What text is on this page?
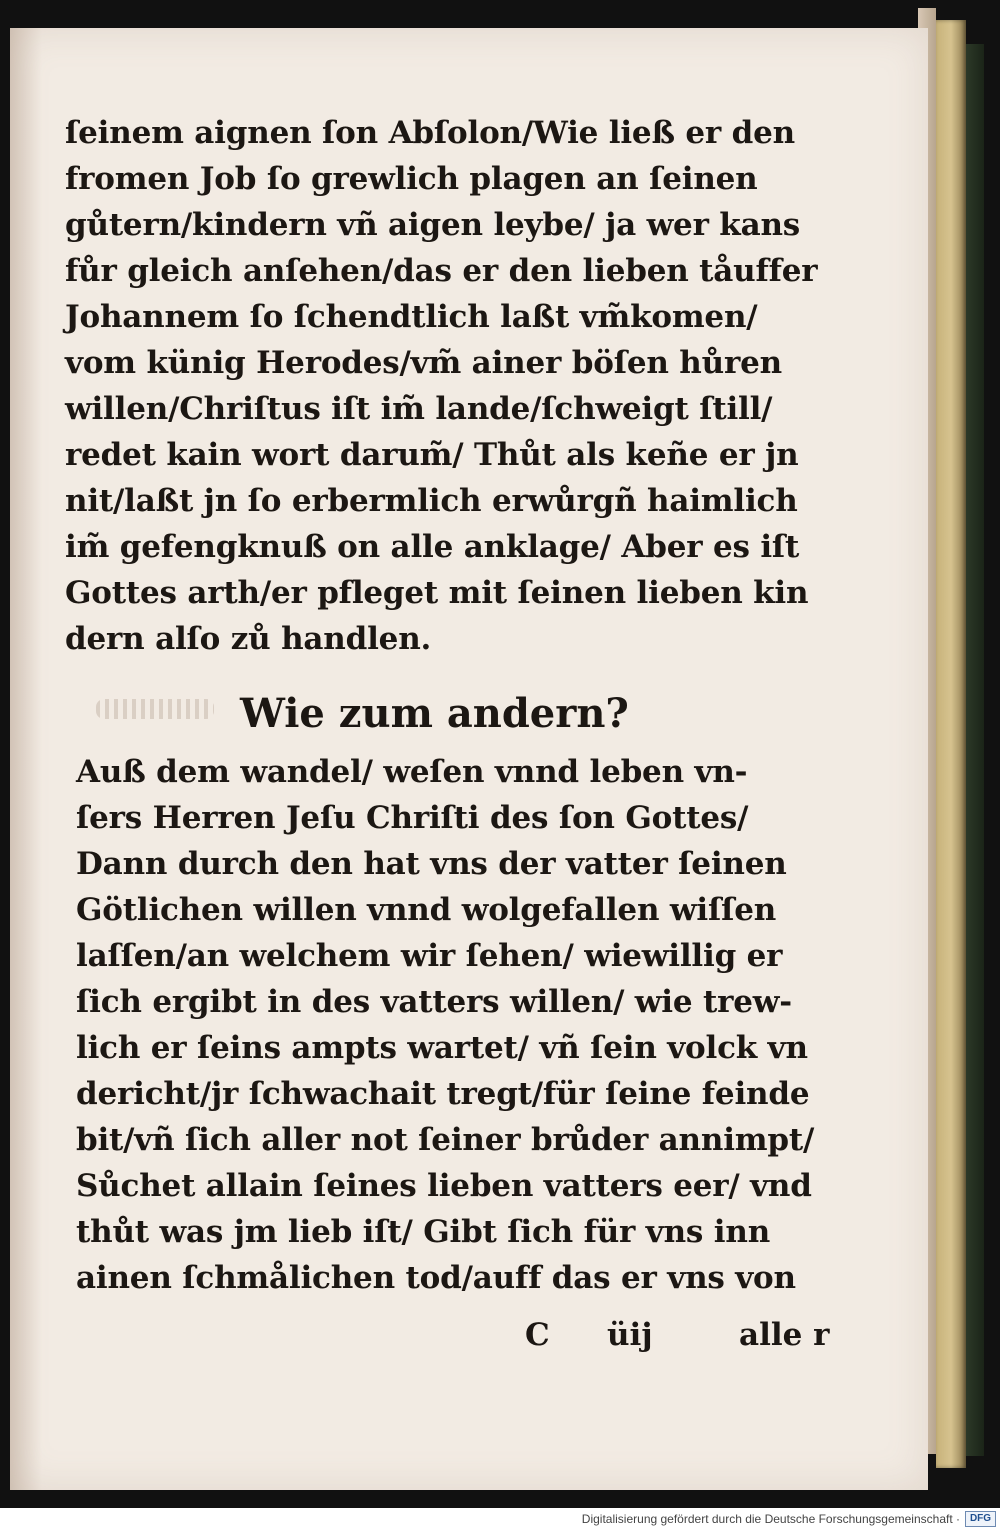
ſeinem aignen ſon Abſolon/Wie ließ er den
fromen Job ſo grewlich plagen an ſeinen
gůtern/kindern vñ aigen leybe/ ja wer kans
fůr gleich anſehen/das er den lieben tåuffer
Johannem ſo ſchendtlich laßt vm̃komen/
vom künig Herodes/vm̃ ainer böſen hůren
willen/Chriſtus iſt im̃ lande/ſchweigt ſtill/
redet kain wort darum̃/ Thůt als keñe er jn
nit/laßt jn ſo erbermlich erwůrgñ haimlich
im̃ gefengknuß on alle anklage/ Aber es iſt
Gottes arth/er pfleget mit ſeinen lieben kin
dern alſo zů handlen.
Wie zum andern?
Auß dem wandel/ weſen vnnd leben vn-
ſers Herren Jeſu Chriſti des ſon Gottes/
Dann durch den hat vns der vatter ſeinen
Götlichen willen vnnd wolgefallen wiſſen
laſſen/an welchem wir ſehen/ wiewillig er
ſich ergibt in des vatters willen/ wie trew-
lich er ſeins ampts wartet/ vñ ſein volck vn
dericht/jr ſchwachait tregt/für ſeine feinde
bit/vñ ſich aller not ſeiner brůder annimpt/
Sůchet allain ſeines lieben vatters eer/ vnd
thůt was jm lieb iſt/ Gibt ſich für vns inn
ainen ſchmålichen tod/auff das er vns von
C üij	alle r
Digitalisierung gefördert durch die Deutsche Forschungsgemeinschaft · DFG
